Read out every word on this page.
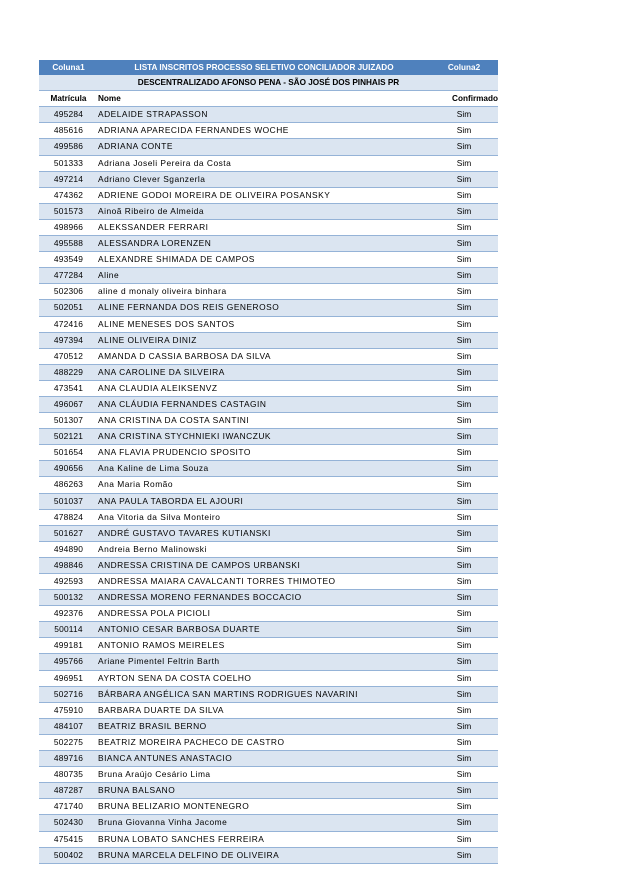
Coluna1	LISTA INSCRITOS PROCESSO SELETIVO CONCILIADOR JUIZADO	Coluna2
DESCENTRALIZADO AFONSO PENA - SÃO JOSÉ DOS PINHAIS PR		
Matrícula	Nome	Confirmado
495284	ADELAIDE STRAPASSON	Sim
485616	ADRIANA APARECIDA FERNANDES WOCHE	Sim
499586	ADRIANA CONTE	Sim
501333	Adriana Joseli Pereira da Costa	Sim
497214	Adriano Clever Sganzerla	Sim
474362	ADRIENE GODOI MOREIRA DE OLIVEIRA POSANSKY	Sim
501573	Ainoã Ribeiro de Almeida	Sim
498966	ALEKSSANDER FERRARI	Sim
495588	ALESSANDRA LORENZEN	Sim
493549	ALEXANDRE SHIMADA DE CAMPOS	Sim
477284	Aline	Sim
502306	aline d monaly oliveira binhara	Sim
502051	ALINE FERNANDA DOS REIS GENEROSO	Sim
472416	ALINE MENESES DOS SANTOS	Sim
497394	ALINE OLIVEIRA DINIZ	Sim
470512	AMANDA D CASSIA BARBOSA DA SILVA	Sim
488229	ANA CAROLINE DA SILVEIRA	Sim
473541	ANA CLAUDIA ALEIKSENVZ	Sim
496067	ANA CLÁUDIA FERNANDES CASTAGIN	Sim
501307	ANA CRISTINA DA COSTA SANTINI	Sim
502121	ANA CRISTINA STYCHNIEKI IWANCZUK	Sim
501654	ANA FLAVIA PRUDENCIO SPOSITO	Sim
490656	Ana Kaline de Lima Souza	Sim
486263	Ana Maria Romão	Sim
501037	ANA PAULA TABORDA EL AJOURI	Sim
478824	Ana Vitoria da Silva Monteiro	Sim
501627	ANDRÉ GUSTAVO TAVARES KUTIANSKI	Sim
494890	Andreia Berno Malinowski	Sim
498846	ANDRESSA CRISTINA DE CAMPOS URBANSKI	Sim
492593	ANDRESSA MAIARA CAVALCANTI TORRES THIMOTEO	Sim
500132	ANDRESSA MORENO FERNANDES BOCCACIO	Sim
492376	ANDRESSA POLA PICIOLI	Sim
500114	ANTONIO CESAR BARBOSA DUARTE	Sim
499181	ANTONIO RAMOS MEIRELES	Sim
495766	Ariane Pimentel Feltrin Barth	Sim
496951	AYRTON SENA DA COSTA COELHO	Sim
502716	BÁRBARA ANGÉLICA SAN MARTINS RODRIGUES NAVARINI	Sim
475910	BARBARA DUARTE DA SILVA	Sim
484107	BEATRIZ BRASIL BERNO	Sim
502275	BEATRIZ MOREIRA PACHECO DE CASTRO	Sim
489716	BIANCA ANTUNES ANASTACIO	Sim
480735	Bruna Araújo Cesário Lima	Sim
487287	BRUNA BALSANO	Sim
471740	BRUNA BELIZARIO MONTENEGRO	Sim
502430	Bruna Giovanna Vinha Jacome	Sim
475415	BRUNA LOBATO SANCHES FERREIRA	Sim
500402	BRUNA MARCELA DELFINO DE OLIVEIRA	Sim
